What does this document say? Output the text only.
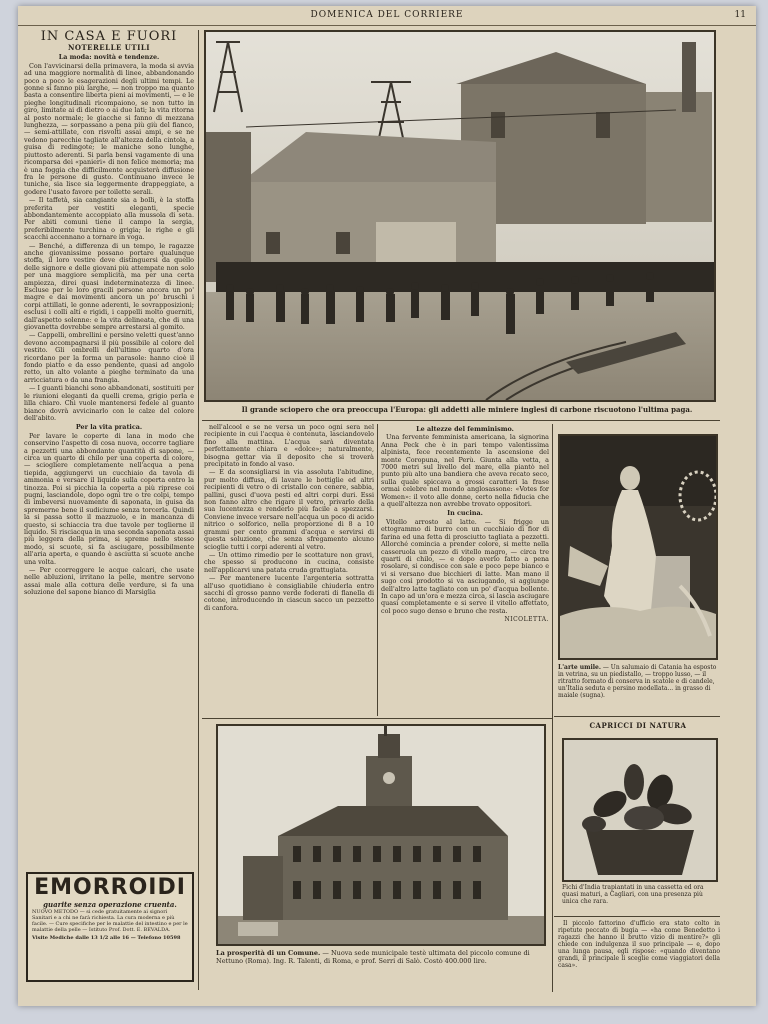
DOMENICA DEL CORRIERE	11
IN CASA E FUORI
NOTERELLE UTILI
La moda: novità e tendenze.

Con l'avvicinarsi della primavera, la moda si avvia ad una maggiore normalità di linee, abbandonando poco a poco le esagerazioni degli ultimi tempi. Le gonne si fanno più larghe, — non troppo ma quanto basta a consentire liberta pieni ai movimenti, — e le pieghe longitudinali ricompaiono, se non tutto in giro, limitate ai dì dietro o ai due lati; la vita ritorna al posto normale; le giacche si fanno di mezzana lunghezza, — sorpassano a pena più giù del fianco, — semi-attillate, con risvolti assai ampi, e se ne vedono parecchie tagliate all'altezza della cintola, a guisa di redingote; le maniche sono lunghe, piuttosto aderenti. Si parla bensì vagamente di una ricomparsa dei «panieri» di non felice memoria; ma è una foggia che difficilmente acquisterà diffusione fra le persone di gusto. Continuano invece le tuniche, sia lisce sia leggermente drappeggiate, a godere l'usato favore per toilette serali.

— Il taffetà, sia cangiante sia a bolli, è la stoffa preferita per vestiti eleganti, specie abbondantemente accoppiato alla mussola di seta. Per abiti comuni tiene il campo la sergia, preferibilmente turchina o grigia; le righe e gli scacchi accennano a tornare in voga.

— Benché, a differenza di un tempo, le ragazze anche giovanissime possano portare qualunque stoffa, il loro vestire deve distinguersi da quello delle signore e delle giovani più attempate non solo per una maggiore semplicità, ma per una certa ampiezza, direi quasi indeterminatezza di linee. Escluse per le loro gracili persone ancora un po' magre e dai movimenti ancora un po' bruschi i corpi attillati, le gonne aderenti, le sovrapposizioni; esclusi i colli alti e rigidi, i cappelli molto guerniti, dall'aspetto solenne: e la vita delineata, che di una giovanetta dovrebbe sempre arrestarsi al gomito.

— Cappelli, ombrellini e persino veletti quest'anno devono accompagnarsi il più possibile al colore del vestito. Gli ombrelli dell'ultimo quarto d'ora ricordano per la forma un parasole: hanno cioè il fondo piatto e da esso pendente, quasi ad angolo retto, un alto volante a pieghe terminato da una arricciatura o da una frangia.

— I guanti bianchi sono abbandonati, sostituiti per le riunioni eleganti da quelli crema, grigio perla e lilla chiaro. Chi vuole mantenersi fedele al guanto bianco dovrà avvicinarlo con le calze del colore dell'abito.

Per la vita pratica.

Per lavare le coperte di lana in modo che conservino l'aspetto di cosa nuova, occorre tagliare a pezzetti una abbondante quantità di sapone, — circa un quarto di chilo per una coperta di colore, — sciogliere completamente nell'acqua a pena tiepida, aggiungervi un cucchiaio da tavola di ammonia e versare il liquido sulla coperta entro la tinozza. Poi si picchia la coperta a più riprese coi pugni, lasciandole, dopo ogni tre o tre colpi, tempo di imbeversi nuovamente di saponata, in guisa da spremerne bene il sudiciume senza torcerla. Quindi la si passa sotto il mazzuolo, e in mancanza di questo, si schiaccia tra due tavole per toglierne il liquido. Si risciacqua in una seconda saponata assai più leggera della prima, si spreme nello stesso modo, si scuote, si fa asciugare, possibilmente all'aria aperta, e quando è asciutta si scuote anche una volta.

— Per ccorreggere le acque calcari, che usate nelle abluzioni, irritano la pelle, mentre servono assai male alla cottura delle verdure, si fa una soluzione del sapone bianco di Marsiglia

EMORROIDI
guarite senza operazione cruenta.
NUOVO METODO — si cede gratuitamente ai signori Sanitari e a chi ne farà richiesta. La cura moderna e più facile. — Cure specifiche per le malattie del intestino e per le malattie della pelle — Istituto Prof. Dott. E. BEVALDA.
Visite Mediche dalle 13 1/2 alle 16 — Telefono 10598
Il grande sciopero che ora preoccupa l'Europa: gli addetti alle miniere inglesi di carbone riscuotono l'ultima paga.

nell'alcool e se ne versa un poco ogni sera nel recipiente in cui l'acqua è contenuta, lasciandovelo fino alla mattina. L'acqua sarà diventata perfettamente chiara e «dolce»; naturalmente, bisogna gettar via il deposito che si troverà precipitato in fondo al vaso.

— E da sconsigliarsi in via assoluta l'abitudine, pur molto diffusa, di lavare le bottiglie ed altri recipienti di vetro o di cristallo con cenere, sabbia, pallini, gusci d'uova pesti ed altri corpi duri. Essi non fanno altro che rigare il vetro, privarlo della sua lucentezza e renderlo più facile a spezzarsi. Conviene invece versare nell'acqua un poco di acido nitrico o solforico, nella proporzione di 8 a 10 grammi per cento grammi d'acqua e servirsi di questa soluzione, che senza sfregamento alcuno scioglie tutti i corpi aderenti al vetro.

— Un ottimo rimedio per le scottature non gravi, che spesso si producono in cucina, consiste nell'applicarvi una patata cruda grattugiata.

— Per mantenere lucente l'argenteria sottratta all'uso quotidiano è consigliabile chiuderla entro sacchi di grosso panno verde foderati di flanella di cotone, introducendo in ciascun sacco un pezzetto di canfora.

Le altezze del femminismo.

Una fervente femminista americana, la signorina Anna Peck che è in pari tempo valentissima alpinista, fece recentemente la ascensione del monte Coropuna, nel Perù. Giunta alla vetta, a 7000 metri sul livello del mare, ella piantò nel punto più alto una bandiera che aveva recato seco, sulla quale spiccava a grossi caratteri la frase ormai celebre nel mondo anglosassone: «Votes for Women»: il voto alle donne, certo nella fiducia che a quell'altezza non avrebbe trovato oppositori.

In cucina.

Vitello arrosto al latte. — Si frigge un ettogrammo di burro con un cucchiaio di fior di farina ed una fetta di prosciutto tagliata a pezzetti. Allorché comincia a prender colore, si mette nella casseruola un pezzo di vitello magro, — circa tre quarti di chilo, — e dopo averlo fatto a pena rosolare, si condisce con sale e poco pepe bianco e vi si versano due bicchieri di latte. Man mano il sugo così prodotto si va asciugando, si aggiunge dell'altro latte tagliato con un po' d'acqua bollente. In capo ad un'ora e mezza circa, si lascia asciugare quasi completamente e si serve il vitello affettato, col poco sugo denso e bruno che resta.

NICOLETTA.
L'arte umile. — Un salumaio di Catania ha esposto in vetrina, su un piedistallo, — troppo lusso, — il ritratto formato di conserva in scatole e di candele, un'Italia seduta e persino modellata... in grasso di maiale (sugna).
CAPRICCI DI NATURA
Fichi d'India trapiantati in una cassetta ed ora quasi maturi, a Cagliari, con una presenza più unica che rara.

Il piccolo fattorino d'ufficio era stato colto in ripetute peccato di bugia — «ha come Benedetto i ragazzi che hanno il brutto vizio di mentire?» gli chiede con indulgenza il suo principale — e, dopo una lunga pausa, egli rispose: «quando diventano grandi, il principale li sceglie come viaggiatori della casa».

La prosperità di un Comune. — Nuova sede municipale testè ultimata del piccolo comune di Nettuno (Roma). Ing. R. Talenti, di Roma, e prof. Serri di Salò. Costò 400.000 lire.
